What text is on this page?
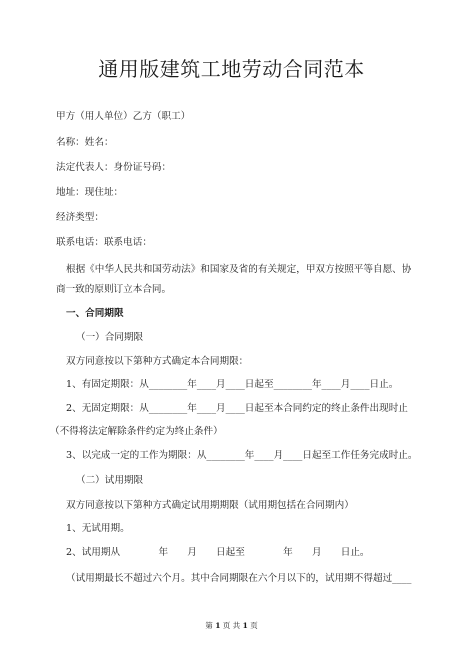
通用版建筑工地劳动合同范本
甲方（用人单位）乙方（职工）
名称：姓名：
法定代表人：身份证号码：
地址：现住址：
经济类型：
联系电话：联系电话：
根据《中华人民共和国劳动法》和国家及省的有关规定，甲双方按照平等自愿、协
商一致的原则订立本合同。
一、合同期限
（一）合同期限
双方同意按以下第种方式确定本合同期限：
1、有固定期限：从________年____月____日起至________年____月____日止。
2、无固定期限：从________年____月____日起至本合同约定的终止条件出现时止
（不得将法定解除条件约定为终止条件）
3、以完成一定的工作为期限：从________年____月____日起至工作任务完成时止。
（二）试用期限
双方同意按以下第种方式确定试用期期限（试用期包括在合同期内）
1、无试用期。
2、试用期从　　　　年　　月　　日起至　　　　年　　月　　日止。
（试用期最长不超过六个月。其中合同期限在六个月以下的，试用期不得超过____
第 1 页 共 1 页
